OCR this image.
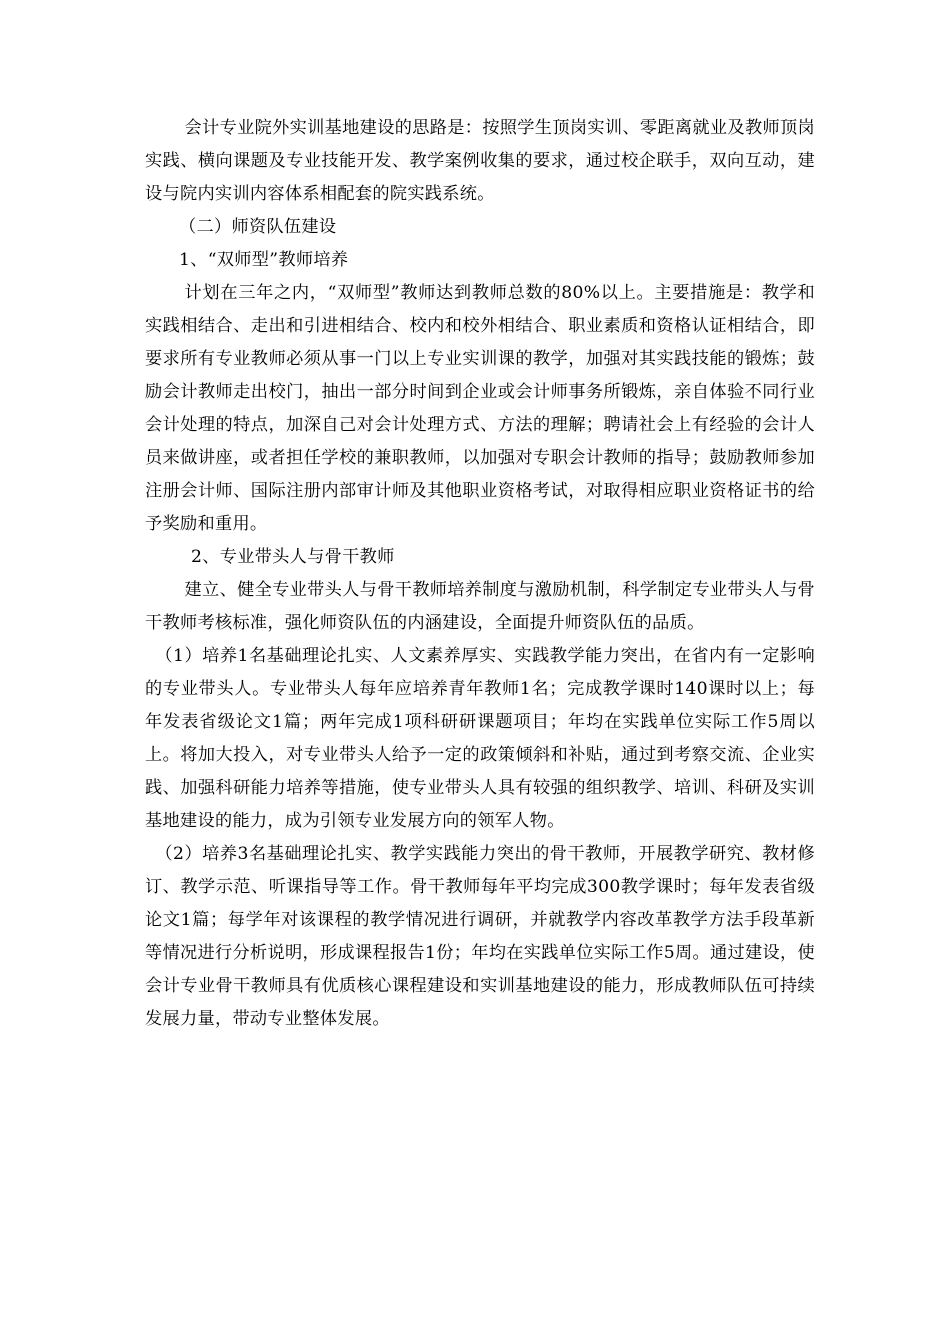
会计专业院外实训基地建设的思路是：按照学生顶岗实训、零距离就业及教师顶岗实践、横向课题及专业技能开发、教学案例收集的要求，通过校企联手，双向互动，建设与院内实训内容体系相配套的院实践系统。

（二）师资队伍建设

1、“双师型”教师培养

计划在三年之内，“双师型”教师达到教师总数的80%以上。主要措施是：教学和实践相结合、走出和引进相结合、校内和校外相结合、职业素质和资格认证相结合，即要求所有专业教师必须从事一门以上专业实训课的教学，加强对其实践技能的锻炼；鼓励会计教师走出校门，抽出一部分时间到企业或会计师事务所锻炼，亲自体验不同行业会计处理的特点，加深自己对会计处理方式、方法的理解；聘请社会上有经验的会计人员来做讲座，或者担任学校的兼职教师，以加强对专职会计教师的指导；鼓励教师参加注册会计师、国际注册内部审计师及其他职业资格考试，对取得相应职业资格证书的给予奖励和重用。

2、专业带头人与骨干教师

建立、健全专业带头人与骨干教师培养制度与激励机制，科学制定专业带头人与骨干教师考核标准，强化师资队伍的内涵建设，全面提升师资队伍的品质。

（1）培养1名基础理论扎实、人文素养厚实、实践教学能力突出，在省内有一定影响的专业带头人。专业带头人每年应培养青年教师1名；完成教学课时140课时以上；每年发表省级论文1篇；两年完成1项科研研课题项目；年均在实践单位实际工作5周以上。将加大投入，对专业带头人给予一定的政策倾斜和补贴，通过到考察交流、企业实践、加强科研能力培养等措施，使专业带头人具有较强的组织教学、培训、科研及实训基地建设的能力，成为引领专业发展方向的领军人物。

（2）培养3名基础理论扎实、教学实践能力突出的骨干教师，开展教学研究、教材修订、教学示范、听课指导等工作。骨干教师每年平均完成300教学课时；每年发表省级论文1篇；每学年对该课程的教学情况进行调研，并就教学内容改革教学方法手段革新等情况进行分析说明，形成课程报告1份；年均在实践单位实际工作5周。通过建设，使会计专业骨干教师具有优质核心课程建设和实训基地建设的能力，形成教师队伍可持续发展力量，带动专业整体发展。
